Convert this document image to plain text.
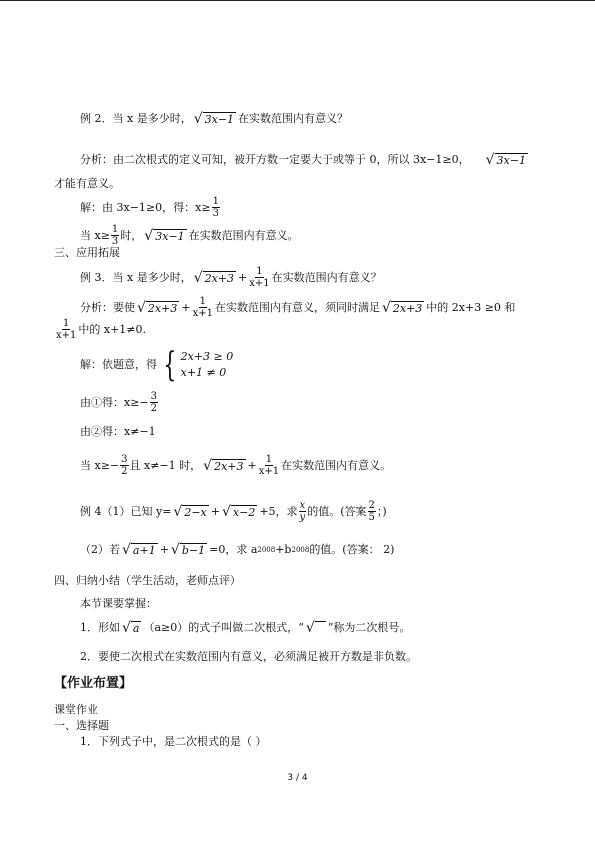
例 2．当 x 是多少时， √ 3x−1 在实数范围内有意义？
分析：由二次根式的定义可知，被开方数一定要大于或等于 0，所以 3x−1≥0， √ 3x−1
才能有意义。
解：由 3x−1≥0，得：$x\ge \frac{1}{3}$
当 $x\ge \frac{1}{3}$ 时， √ 3x−1 在实数范围内有意义。
三、应用拓展
例 3．当 x 是多少时， √ $2x+3 + \frac{1}{x+1}$ 在实数范围内有意义？
分析：要使 √ $2x+3 + \frac{1}{x+1}$ 在实数范围内有意义，须同时满足 √ 2x+3 中的 2x+3 ≥0 和
$\frac{1}{x+1}$ 中的 x+1≠0.
解：依题意，得 { 2x+3 ≥ 0
x+1 ≠ 0
由①得：$x\ge- \frac{3}{2}$
由②得：x≠−1
当 $x\ge- \frac{3}{2}$ 且 x≠−1 时， √ $2x+3 + \frac{1}{x+1}$ 在实数范围内有意义。
例 4（1）已知 y= √ 2−x + √ x−2 +5，求 $\frac{x}{y}$ 的值。(答案 $\frac{2}{5}$ ；)
（2）若 √ a+1 + √ b−1 =0，求 a 2008 +b 2008 的值。(答案： 2)
四、归纳小结（学生活动，老师点评）
本节课要掌握：
1．形如 √ a （a≥0）的式子叫做二次根式，“ √
”称为二次根号。
2．要使二次根式在实数范围内有意义，必须满足被开方数是非负数。
【作业布置】
课堂作业
一、选择题
1．下列式子中，是二次根式的是（ ）
3 / 4
